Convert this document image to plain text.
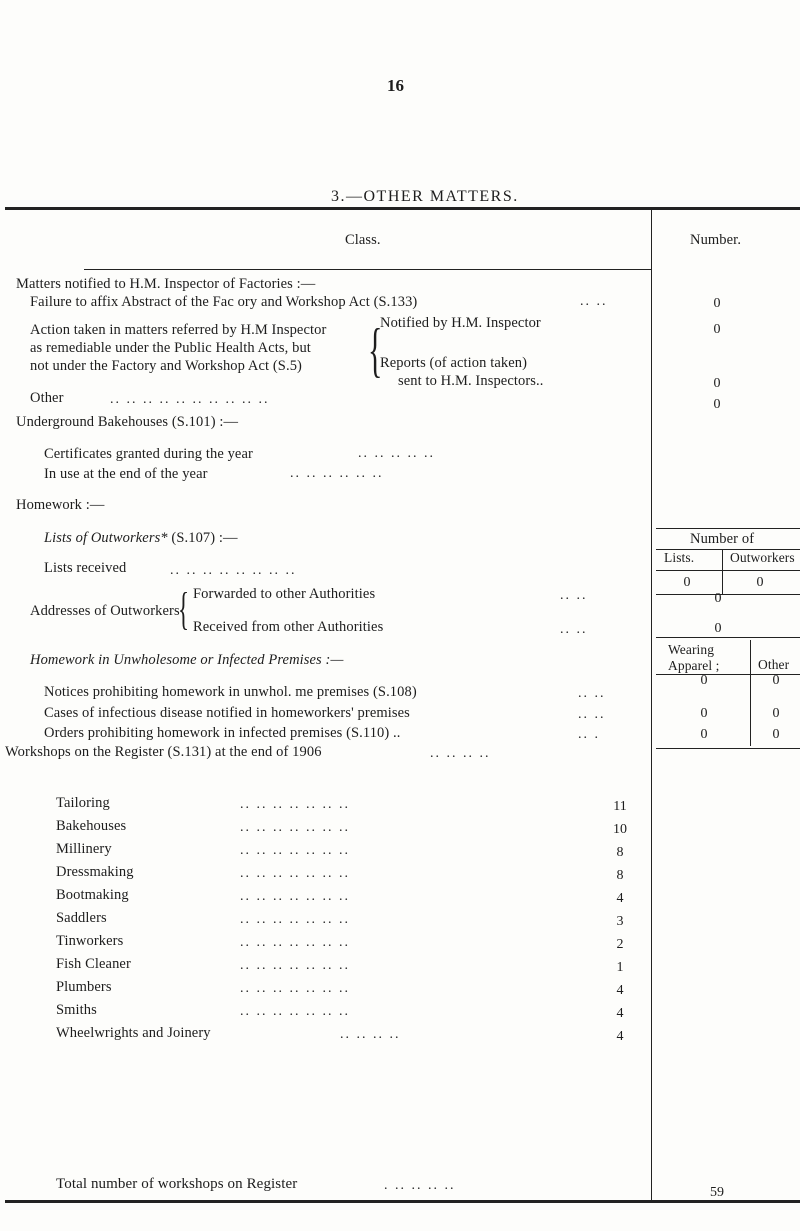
16
3.—OTHER MATTERS.
Class.	Number.
Matters notified to H.M. Inspector of Factories :—
Failure to affix Abstract of the Fac ory and Workshop Act (S.133)	.. ..	0
Action taken in matters referred by H.M Inspector
as remediable under the Public Health Acts, but
not under the Factory and Workshop Act (S.5) {
Notified by H.M. Inspector	0
Reports (of action taken)
sent to H.M. Inspectors..	0
Other	.. .. .. .. .. .. .. .. .. ..	0
Underground Bakehouses (S.101) :—
Certificates granted during the year	.. .. .. .. ..
In use at the end of the year	.. .. .. .. .. ..
Homework :—
Lists of Outworkers* (S.107) :—
Lists received	.. .. .. .. .. .. .. ..
Addresses of Outworkers
{ Forwarded to other Authorities	.. ..
Received from other Authorities	.. ..
Homework in Unwholesome or Infected Premises :—
Notices prohibiting homework in unwhol. me premises (S.108)	.. ..
Cases of infectious disease notified in homeworkers' premises	.. ..
Orders prohibiting homework in infected premises (S.110) ..	.. .
Number of
Lists.	Outworkers
0	0
0
0
Wearing Apparel ;	Other
0	0
0	0
0	0
Workshops on the Register (S.131) at the end of 1906	.. .. .. ..
Tailoring	.. .. .. .. .. .. ..	11
Bakehouses	.. .. .. .. .. .. ..	10
Millinery	.. .. .. .. .. .. ..	8
Dressmaking	.. .. .. .. .. .. ..	8
Bootmaking	.. .. .. .. .. .. ..	4
Saddlers	.. .. .. .. .. .. ..	3
Tinworkers	.. .. .. .. .. .. ..	2
Fish Cleaner	.. .. .. .. .. .. ..	1
Plumbers	.. .. .. .. .. .. ..	4
Smiths	.. .. .. .. .. .. ..	4
Wheelwrights and Joinery	.. .. .. ..	4
Total number of workshops on Register	. .. .. .. ..	59
